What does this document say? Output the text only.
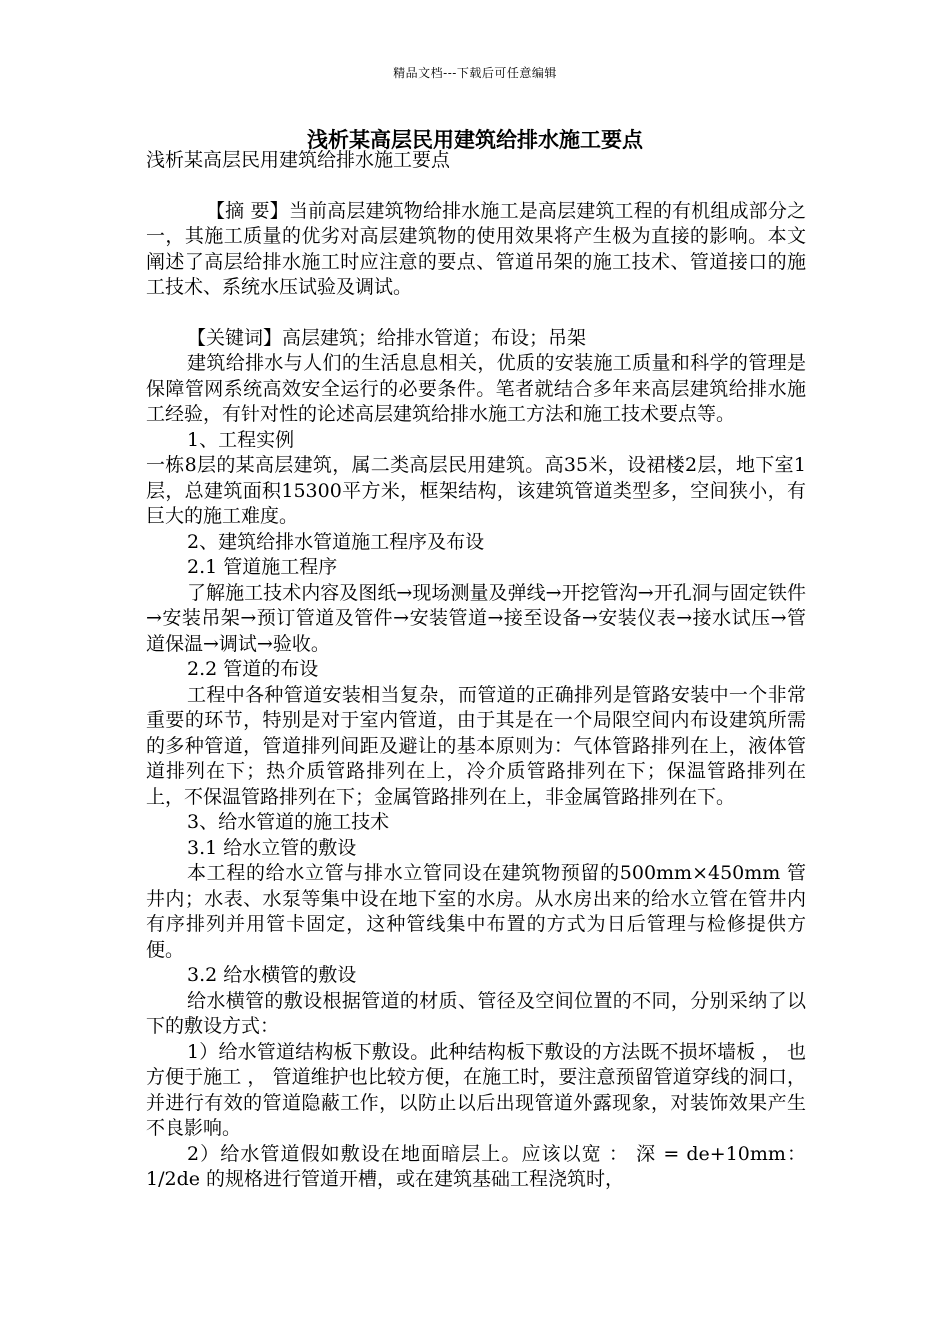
精品文档---下载后可任意编辑
浅析某高层民用建筑给排水施工要点

浅析某高层民用建筑给排水施工要点

【摘 要】当前高层建筑物给排水施工是高层建筑工程的有机组成部分之一，其施工质量的优劣对高层建筑物的使用效果将产生极为直接的影响。本文阐述了高层给排水施工时应注意的要点、管道吊架的施工技术、管道接口的施工技术、系统水压试验及调试。

【关键词】高层建筑；给排水管道；布设；吊架

建筑给排水与人们的生活息息相关，优质的安装施工质量和科学的管理是保障管网系统高效安全运行的必要条件。笔者就结合多年来高层建筑给排水施工经验，有针对性的论述高层建筑给排水施工方法和施工技术要点等。

1、工程实例

一栋8层的某高层建筑，属二类高层民用建筑。高35米，设裙楼2层，地下室1层，总建筑面积15300平方米，框架结构，该建筑管道类型多，空间狭小，有巨大的施工难度。

2、建筑给排水管道施工程序及布设

2.1 管道施工程序

了解施工技术内容及图纸→现场测量及弹线→开挖管沟→开孔洞与固定铁件→安装吊架→预订管道及管件→安装管道→接至设备→安装仪表→接水试压→管道保温→调试→验收。

2.2 管道的布设

工程中各种管道安装相当复杂，而管道的正确排列是管路安装中一个非常重要的环节，特别是对于室内管道，由于其是在一个局限空间内布设建筑所需的多种管道，管道排列间距及避让的基本原则为：气体管路排列在上，液体管道排列在下；热介质管路排列在上，冷介质管路排列在下；保温管路排列在上，不保温管路排列在下；金属管路排列在上，非金属管路排列在下。

3、给水管道的施工技术

3.1 给水立管的敷设

本工程的给水立管与排水立管同设在建筑物预留的500mm×450mm 管井内；水表、水泵等集中设在地下室的水房。从水房出来的给水立管在管井内有序排列并用管卡固定，这种管线集中布置的方式为日后管理与检修提供方便。

3.2 给水横管的敷设

给水横管的敷设根据管道的材质、管径及空间位置的不同，分别采纳了以下的敷设方式：

1）给水管道结构板下敷设。此种结构板下敷设的方法既不损坏墙板 ， 也方便于施工 ， 管道维护也比较方便，在施工时，要注意预留管道穿线的洞口，并进行有效的管道隐蔽工作，以防止以后出现管道外露现象，对装饰效果产生不良影响。

2）给水管道假如敷设在地面暗层上。应该以宽 ： 深 = de+10mm：1/2de 的规格进行管道开槽，或在建筑基础工程浇筑时，
